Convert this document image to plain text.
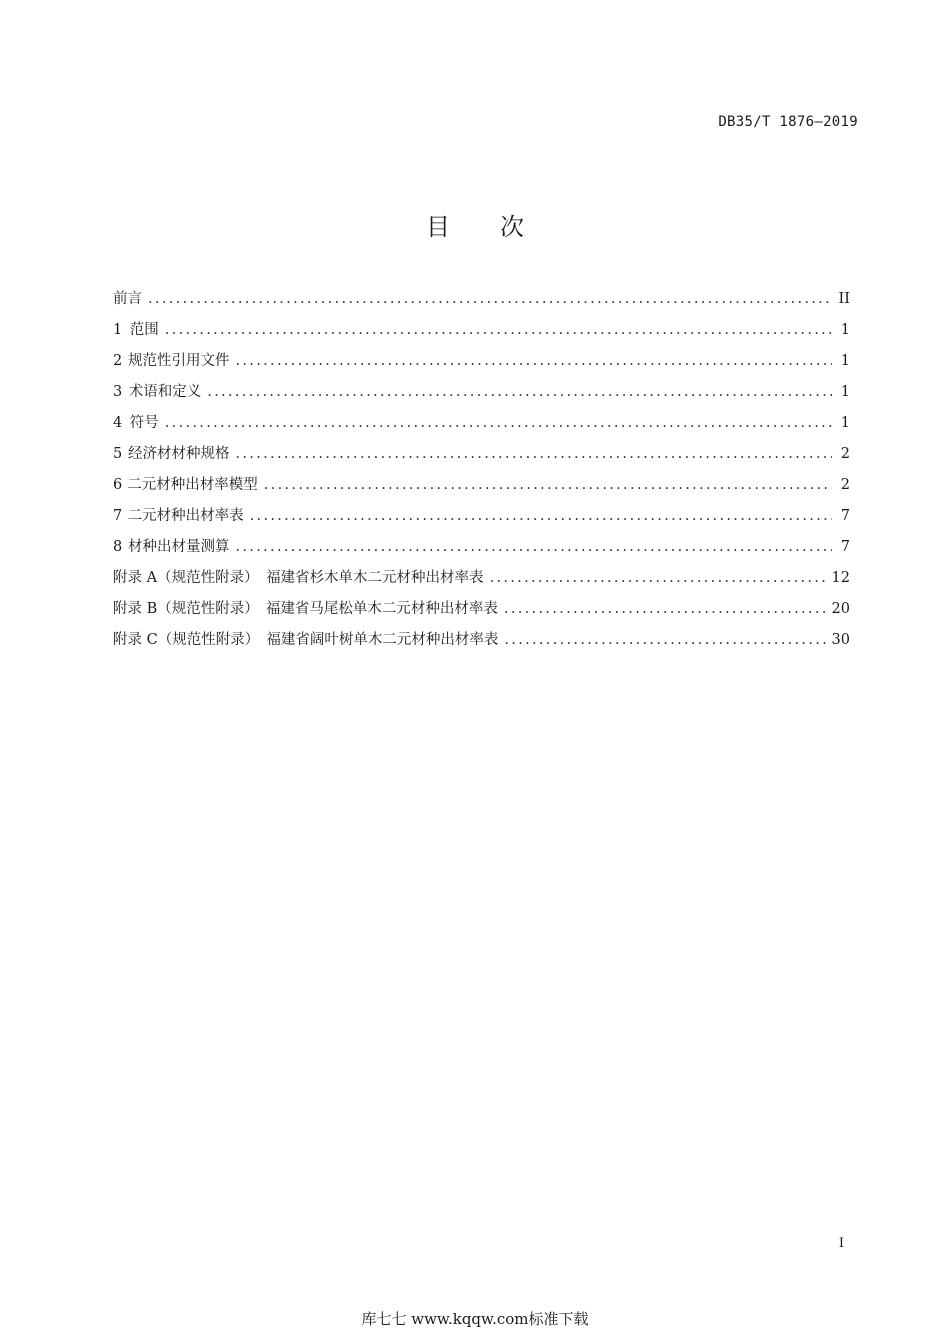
DB35/T 1876—2019
目 次
前言 .....	II
1 范围 .....	1
2 规范性引用文件 .....	1
3 术语和定义 .....	1
4 符号 .....	1
5 经济材材种规格 .....	2
6 二元材种出材率模型 .....	2
7 二元材种出材率表 .....	7
8 材种出材量测算 .....	7
附录 A（规范性附录） 福建省杉木单木二元材种出材率表 .....	12
附录 B（规范性附录） 福建省马尾松单木二元材种出材率表 .....	20
附录 C（规范性附录） 福建省阔叶树单木二元材种出材率表 .....	30
I
库七七 www.kqqw.com标准下载
